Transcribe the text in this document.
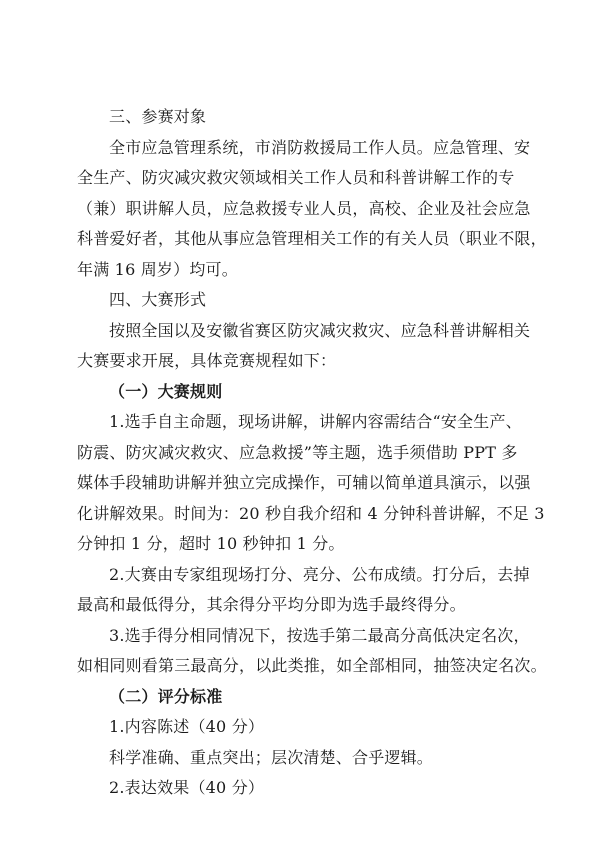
三、参赛对象
全市应急管理系统，市消防救援局工作人员。应急管理、安
全生产、防灾减灾救灾领域相关工作人员和科普讲解工作的专
（兼）职讲解人员，应急救援专业人员，高校、企业及社会应急
科普爱好者，其他从事应急管理相关工作的有关人员（职业不限，
年满 16 周岁）均可。
四、大赛形式
按照全国以及安徽省赛区防灾减灾救灾、应急科普讲解相关
大赛要求开展，具体竞赛规程如下：
（一）大赛规则
1.选手自主命题，现场讲解，讲解内容需结合“安全生产、
防震、防灾减灾救灾、应急救援”等主题，选手须借助 PPT 多
媒体手段辅助讲解并独立完成操作，可辅以简单道具演示，以强
化讲解效果。时间为：20 秒自我介绍和 4 分钟科普讲解，不足 3
分钟扣 1 分，超时 10 秒钟扣 1 分。
2.大赛由专家组现场打分、亮分、公布成绩。打分后，去掉
最高和最低得分，其余得分平均分即为选手最终得分。
3.选手得分相同情况下，按选手第二最高分高低决定名次，
如相同则看第三最高分，以此类推，如全部相同，抽签决定名次。
（二）评分标准
1.内容陈述（40 分）
科学准确、重点突出；层次清楚、合乎逻辑。
2.表达效果（40 分）
